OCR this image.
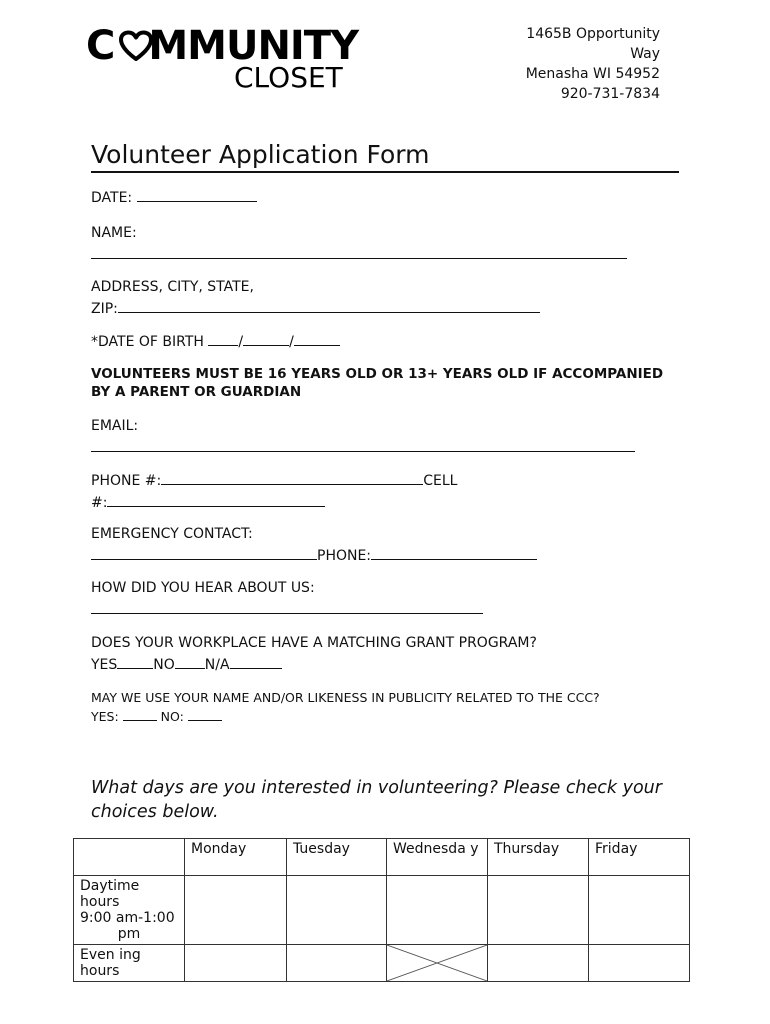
C MMUNITY
CLOSET
1465B Opportunity
Way
Menasha WI 54952
920-731-7834
Volunteer Application Form
DATE:
NAME:
ADDRESS, CITY, STATE,
ZIP:
*DATE OF BIRTH /	/
VOLUNTEERS MUST BE 16 YEARS OLD OR 13+ YEARS OLD IF ACCOMPANIED
BY A PARENT OR GUARDIAN
EMAIL:
PHONE #:	CELL
#:
EMERGENCY CONTACT:
PHONE:
HOW DID YOU HEAR ABOUT US:
DOES YOUR WORKPLACE HAVE A MATCHING GRANT PROGRAM?
YES	NO N/A
MAY WE USE YOUR NAME AND/OR LIKENESS IN PUBLICITY RELATED TO THE CCC?
YES:	NO:
What days are you interested in volunteering? Please check your choices below.
	Monday	Tuesday	Wednesda y	Thursday	Friday

Daytime
hours
9:00 am-1:00
pm					

Even ing
hours
